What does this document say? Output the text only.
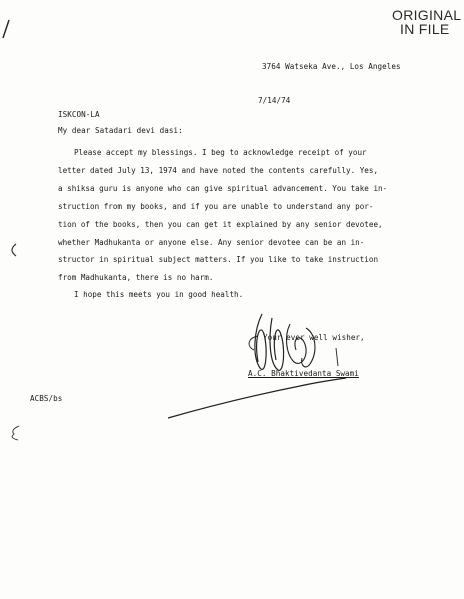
ORIGINAL
IN FILE
3764 Watseka Ave., Los Angeles
7/14/74
ISKCON-LA
My dear Satadari devi dasi:
Please accept my blessings. I beg to acknowledge receipt of your
letter dated July 13, 1974 and have noted the contents carefully. Yes,
a shiksa guru is anyone who can give spiritual advancement. You take in-
struction from my books, and if you are unable to understand any por-
tion of the books, then you can get it explained by any senior devotee,
whether Madhukanta or anyone else. Any senior devotee can be an in-
structor in spiritual subject matters. If you like to take instruction
from Madhukanta, there is no harm.
I hope this meets you in good health.
Your ever well wisher,
A.C. Bhaktivedanta Swami
ACBS/bs
